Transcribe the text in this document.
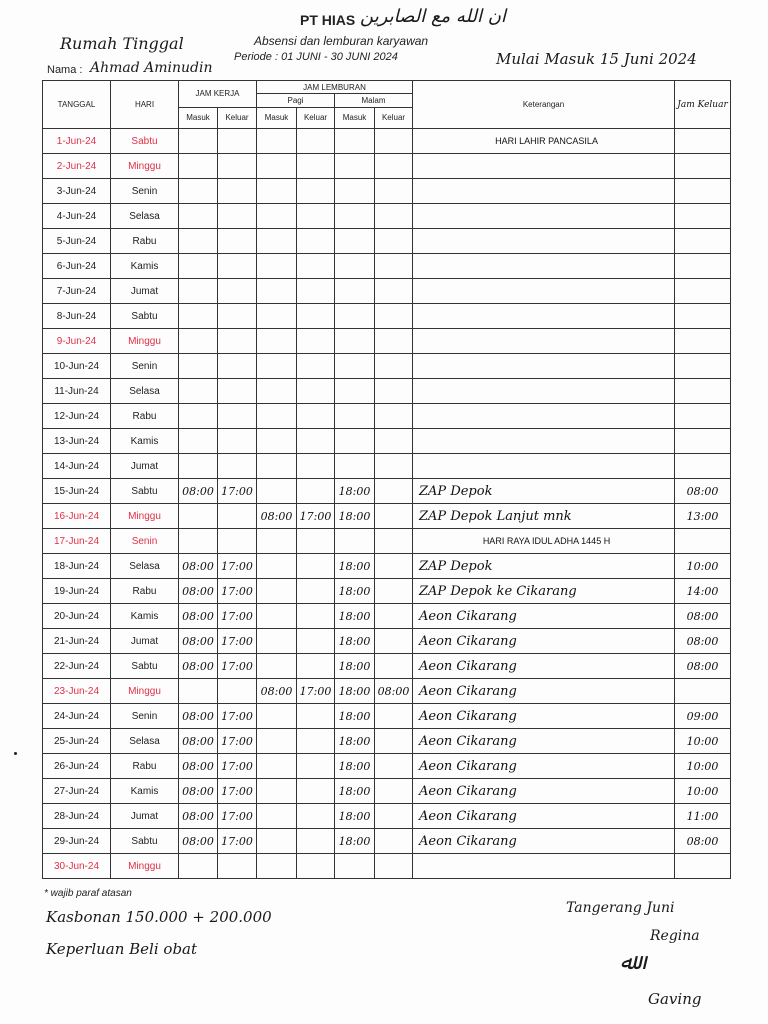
Rumah Tinggal
PT HIAS ان الله مع الصابرين
Absensi dan lemburan karyawan
Periode : 01 JUNI - 30 JUNI 2024	Mulai Masuk 15 Juni 2024
Nama : Ahmad Aminudin
TANGGAL	HARI	JAM KERJA		JAM LEMBURAN				Keterangan	Jam Keluar
				Pagi		Malam			
		Masuk	Keluar	Masuk	Keluar	Masuk	Keluar		
1-Jun-24	Sabtu							HARI LAHIR PANCASILA	
2-Jun-24	Minggu								
3-Jun-24	Senin								
4-Jun-24	Selasa								
5-Jun-24	Rabu								
6-Jun-24	Kamis								
7-Jun-24	Jumat								
8-Jun-24	Sabtu								
9-Jun-24	Minggu								
10-Jun-24	Senin								
11-Jun-24	Selasa								
12-Jun-24	Rabu								
13-Jun-24	Kamis								
14-Jun-24	Jumat								
15-Jun-24	Sabtu	08:00	17:00			18:00		ZAP Depok	08:00
16-Jun-24	Minggu			08:00	17:00	18:00		ZAP Depok Lanjut mnk	13:00
17-Jun-24	Senin							HARI RAYA IDUL ADHA 1445 H	
18-Jun-24	Selasa	08:00	17:00			18:00		ZAP Depok	10:00
19-Jun-24	Rabu	08:00	17:00			18:00		ZAP Depok ke Cikarang	14:00
20-Jun-24	Kamis	08:00	17:00			18:00		Aeon Cikarang	08:00
21-Jun-24	Jumat	08:00	17:00			18:00		Aeon Cikarang	08:00
22-Jun-24	Sabtu	08:00	17:00			18:00		Aeon Cikarang	08:00
23-Jun-24	Minggu			08:00	17:00	18:00	08:00	Aeon Cikarang	
24-Jun-24	Senin	08:00	17:00			18:00		Aeon Cikarang	09:00
25-Jun-24	Selasa	08:00	17:00			18:00		Aeon Cikarang	10:00
26-Jun-24	Rabu	08:00	17:00			18:00		Aeon Cikarang	10:00
27-Jun-24	Kamis	08:00	17:00			18:00		Aeon Cikarang	10:00
28-Jun-24	Jumat	08:00	17:00			18:00		Aeon Cikarang	11:00
29-Jun-24	Sabtu	08:00	17:00			18:00		Aeon Cikarang	08:00
30-Jun-24	Minggu								
* wajib paraf atasan
Kasbonan 150.000 + 200.000
Keperluan Beli obat
Tangerang Juni
Regina
ﷲ
Gaving
